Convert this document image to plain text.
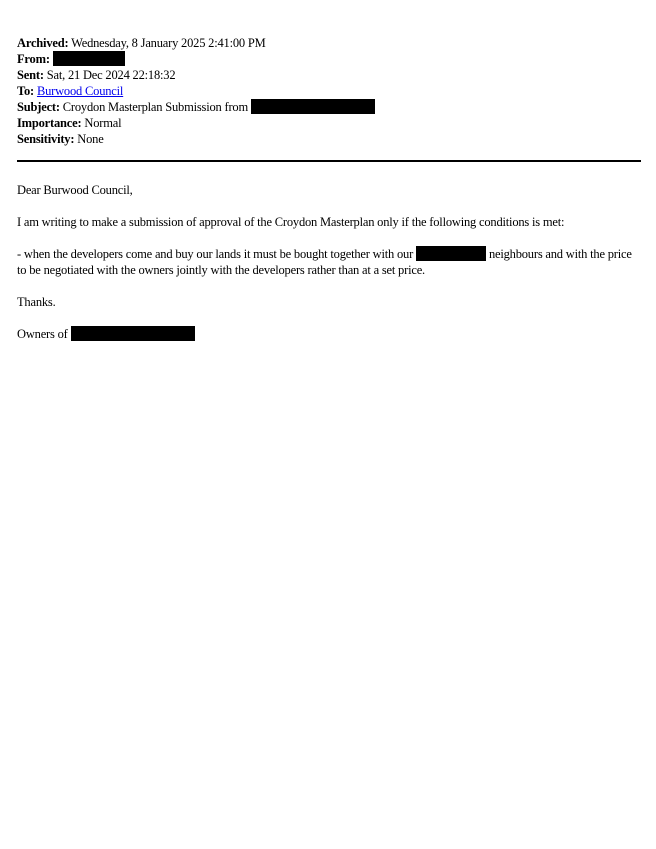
Archived: Wednesday, 8 January 2025 2:41:00 PM
From:
Sent: Sat, 21 Dec 2024 22:18:32
To: Burwood Council
Subject: Croydon Masterplan Submission from
Importance: Normal
Sensitivity: None

Dear Burwood Council,

I am writing to make a submission of approval of the Croydon Masterplan only if the following conditions is met:

- when the developers come and buy our lands it must be bought together with our	neighbours and with the price to be negotiated with the owners jointly with the developers rather than at a set price.

Thanks.

Owners of
